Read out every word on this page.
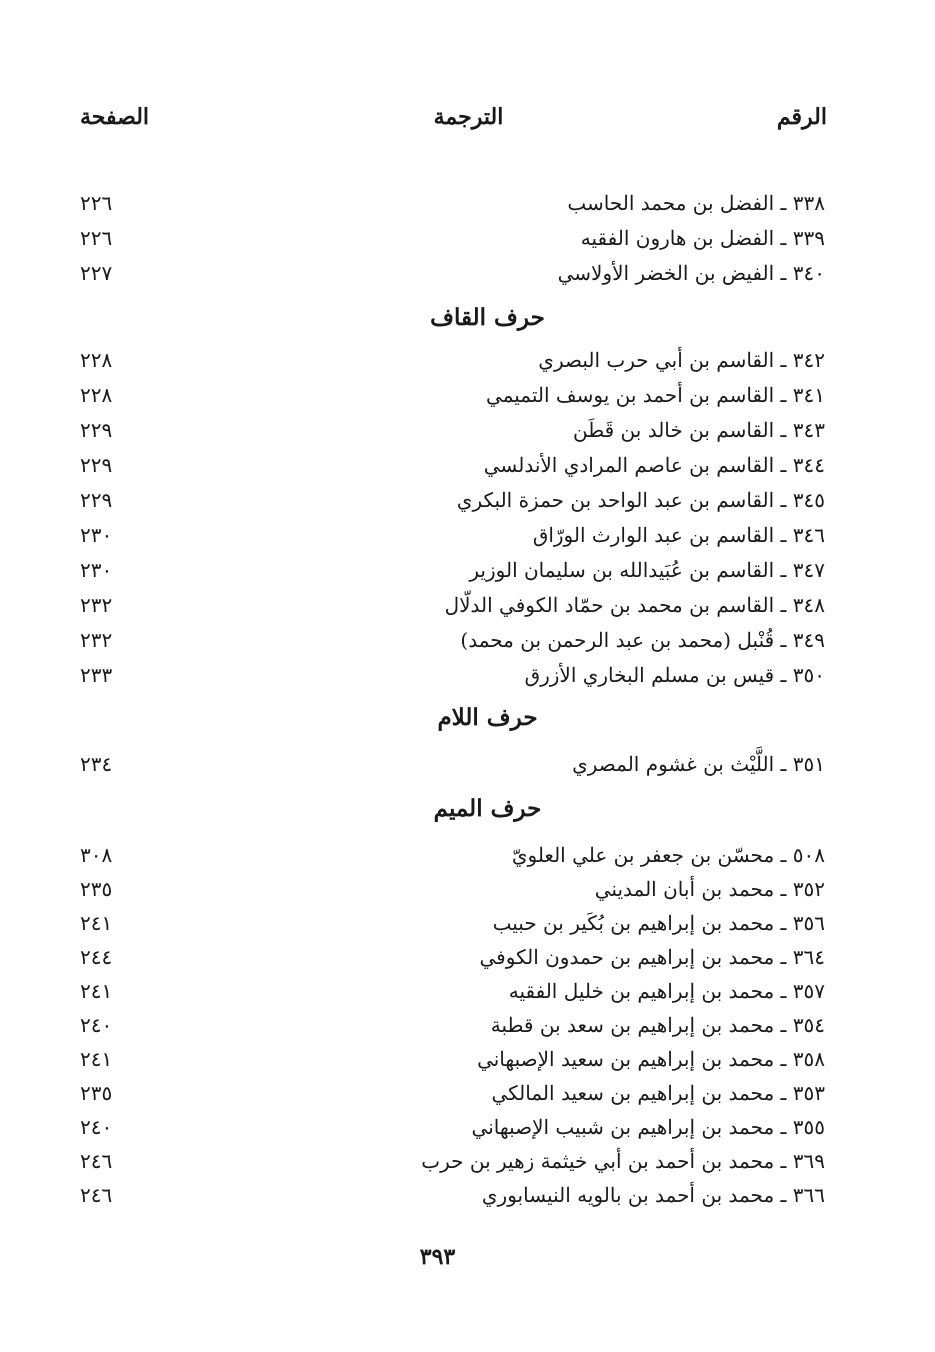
الرقم
الترجمة
الصفحة
٣٣٨ ـ الفضل بن محمد الحاسب
٢٢٦
٣٣٩ ـ الفضل بن هارون الفقيه
٢٢٦
٣٤٠ ـ الفيض بن الخضر الأولاسي
٢٢٧
حرف القاف
٣٤٢ ـ القاسم بن أبي حرب البصري
٢٢٨
٣٤١ ـ القاسم بن أحمد بن يوسف التميمي
٢٢٨
٣٤٣ ـ القاسم بن خالد بن قَطَن
٢٢٩
٣٤٤ ـ القاسم بن عاصم المرادي الأندلسي
٢٢٩
٣٤٥ ـ القاسم بن عبد الواحد بن حمزة البكري
٢٢٩
٣٤٦ ـ القاسم بن عبد الوارث الورّاق
٢٣٠
٣٤٧ ـ القاسم بن عُبَيدالله بن سليمان الوزير
٢٣٠
٣٤٨ ـ القاسم بن محمد بن حمّاد الكوفي الدلّال
٢٣٢
٣٤٩ ـ قُنْبل (محمد بن عبد الرحمن بن محمد)
٢٣٢
٣٥٠ ـ قيس بن مسلم البخاري الأزرق
٢٣٣
حرف اللام
٣٥١ ـ اللَّيْث بن غشوم المصري
٢٣٤
حرف الميم
٥٠٨ ـ محسّن بن جعفر بن علي العلويّ
٣٠٨
٣٥٢ ـ محمد بن أبان المديني
٢٣٥
٣٥٦ ـ محمد بن إبراهيم بن بُكَير بن حبيب
٢٤١
٣٦٤ ـ محمد بن إبراهيم بن حمدون الكوفي
٢٤٤
٣٥٧ ـ محمد بن إبراهيم بن خليل الفقيه
٢٤١
٣٥٤ ـ محمد بن إبراهيم بن سعد بن قطبة
٢٤٠
٣٥٨ ـ محمد بن إبراهيم بن سعيد الإصبهاني
٢٤١
٣٥٣ ـ محمد بن إبراهيم بن سعيد المالكي
٢٣٥
٣٥٥ ـ محمد بن إبراهيم بن شبيب الإصبهاني
٢٤٠
٣٦٩ ـ محمد بن أحمد بن أبي خيثمة زهير بن حرب
٢٤٦
٣٦٦ ـ محمد بن أحمد بن بالويه النيسابوري
٢٤٦
٣٩٣
